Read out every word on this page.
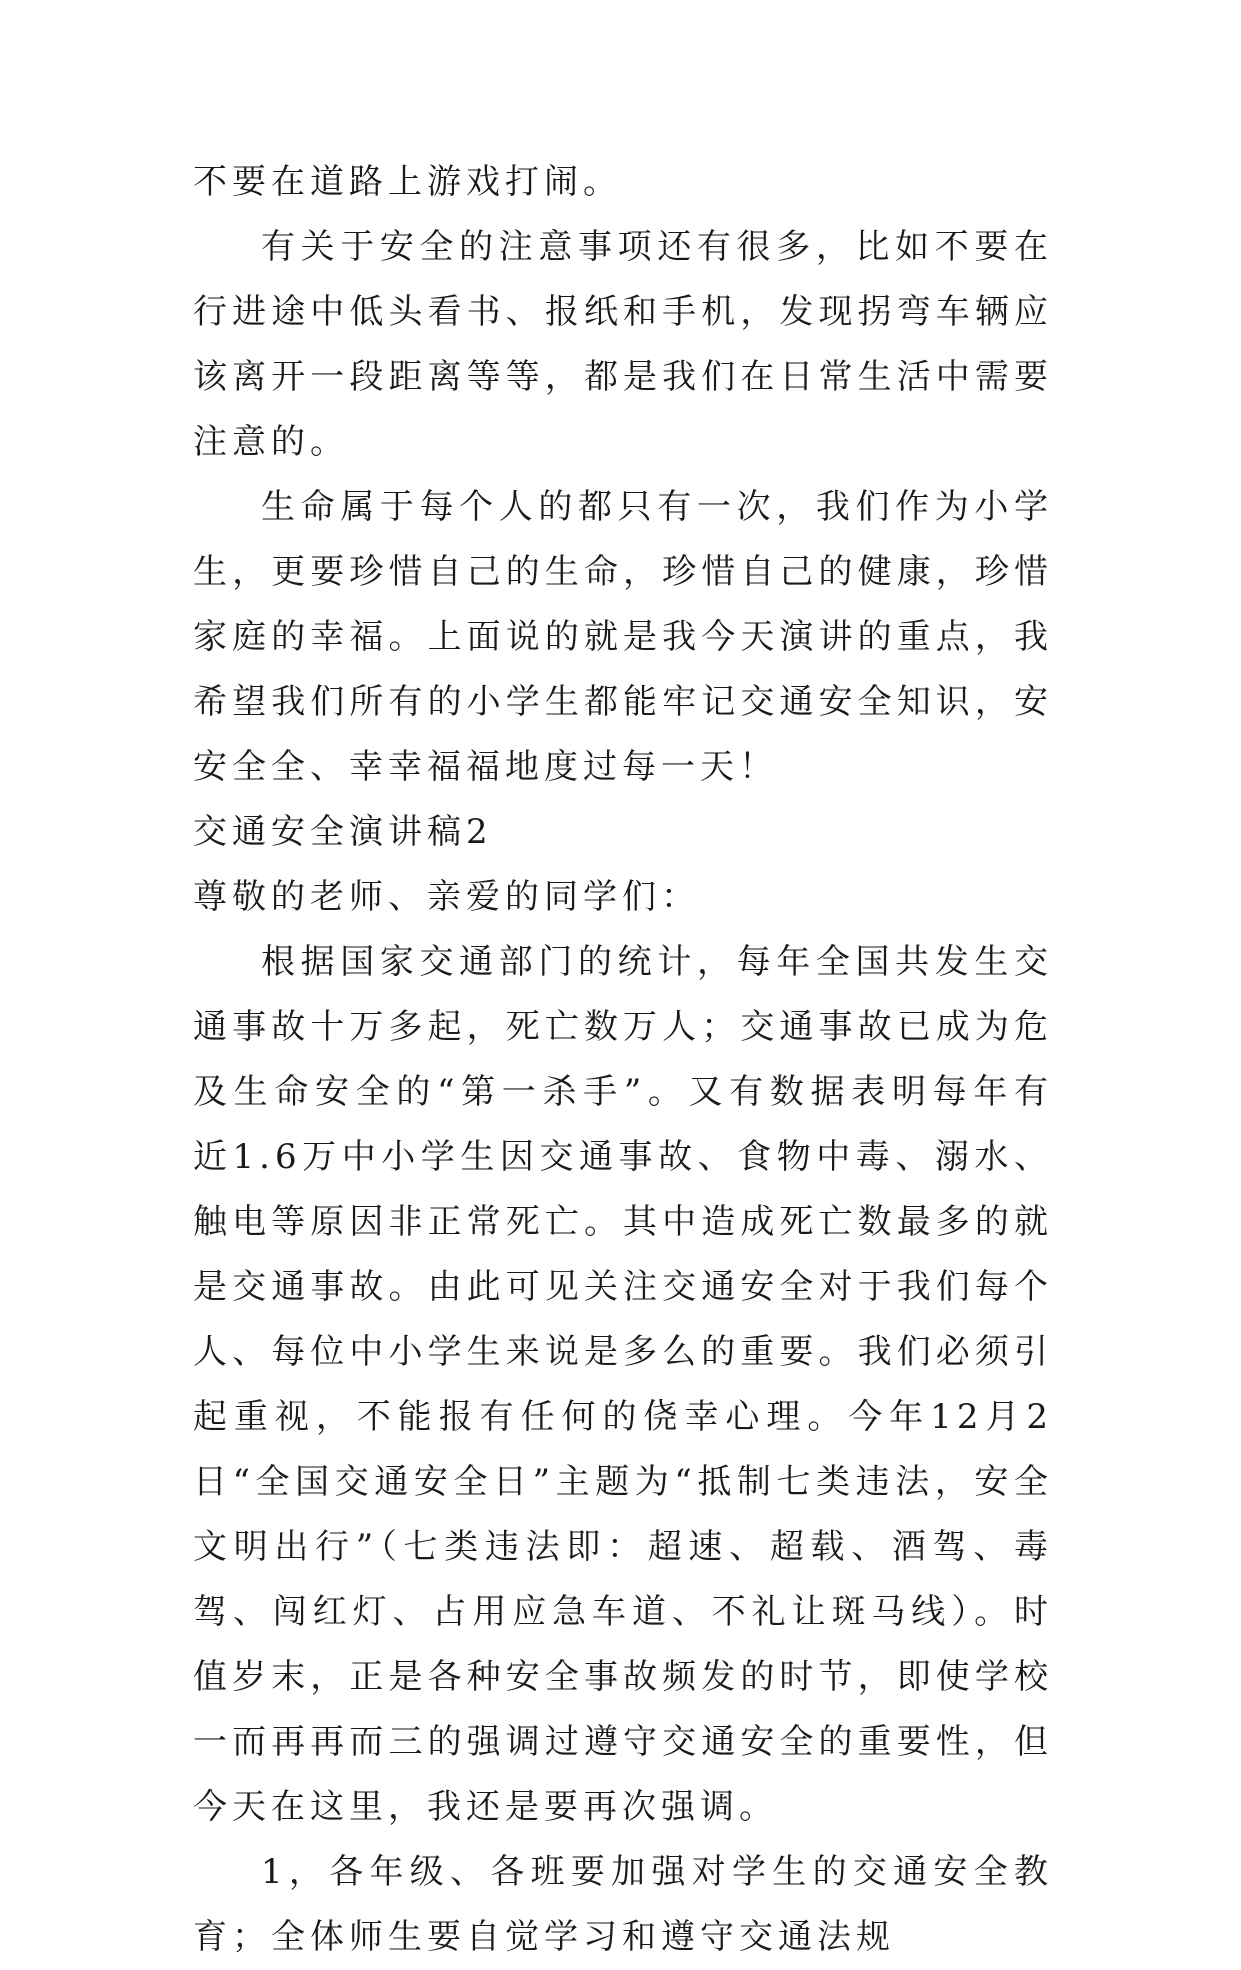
不要在道路上游戏打闹。

有关于安全的注意事项还有很多，比如不要在行进途中低头看书、报纸和手机，发现拐弯车辆应该离开一段距离等等，都是我们在日常生活中需要注意的。

生命属于每个人的都只有一次，我们作为小学生，更要珍惜自己的生命，珍惜自己的健康，珍惜家庭的幸福。上面说的就是我今天演讲的重点，我希望我们所有的小学生都能牢记交通安全知识，安安全全、幸幸福福地度过每一天！

交通安全演讲稿2

尊敬的老师、亲爱的同学们：

根据国家交通部门的统计，每年全国共发生交通事故十万多起，死亡数万人；交通事故已成为危及生命安全的“第一杀手”。又有数据表明每年有近1.6万中小学生因交通事故、食物中毒、溺水、触电等原因非正常死亡。其中造成死亡数最多的就是交通事故。由此可见关注交通安全对于我们每个人、每位中小学生来说是多么的重要。我们必须引起重视，不能报有任何的侥幸心理。今年12月2日“全国交通安全日”主题为“抵制七类违法，安全文明出行”（七类违法即：超速、超载、酒驾、毒驾、闯红灯、占用应急车道、不礼让斑马线）。时值岁末，正是各种安全事故频发的时节，即使学校一而再再而三的强调过遵守交通安全的重要性，但今天在这里，我还是要再次强调。

1，各年级、各班要加强对学生的交通安全教育；全体师生要自觉学习和遵守交通法规
